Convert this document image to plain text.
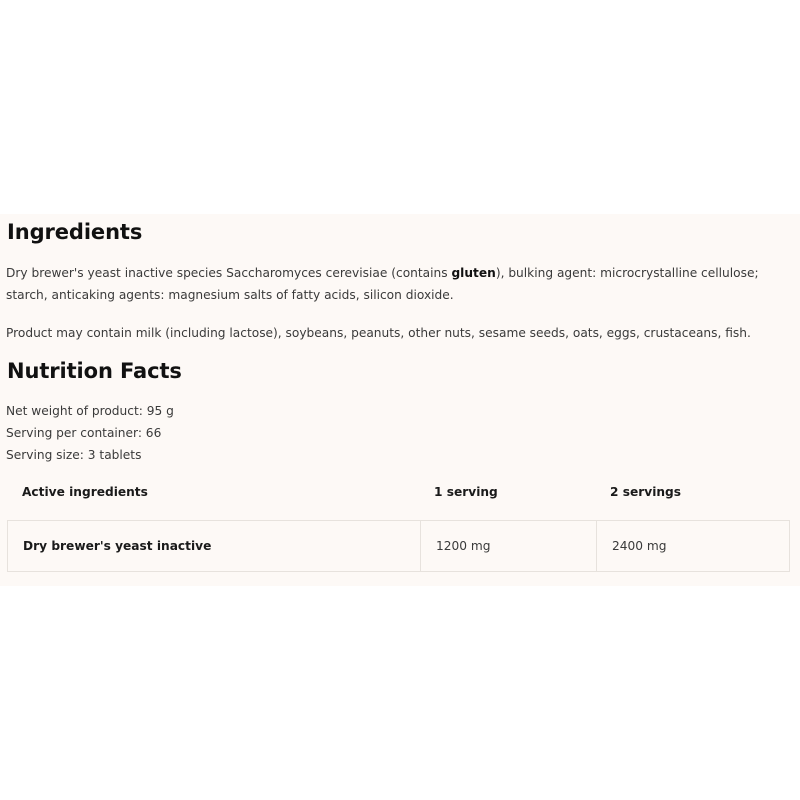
Ingredients

Dry brewer's yeast inactive species Saccharomyces cerevisiae (contains gluten), bulking agent: microcrystalline cellulose;

starch, anticaking agents: magnesium salts of fatty acids, silicon dioxide.

Product may contain milk (including lactose), soybeans, peanuts, other nuts, sesame seeds, oats, eggs, crustaceans, fish.

Nutrition Facts

Net weight of product: 95 g

Serving per container: 66

Serving size: 3 tablets

Active ingredients	1 serving	2 servings
Dry brewer's yeast inactive	1200 mg	2400 mg
